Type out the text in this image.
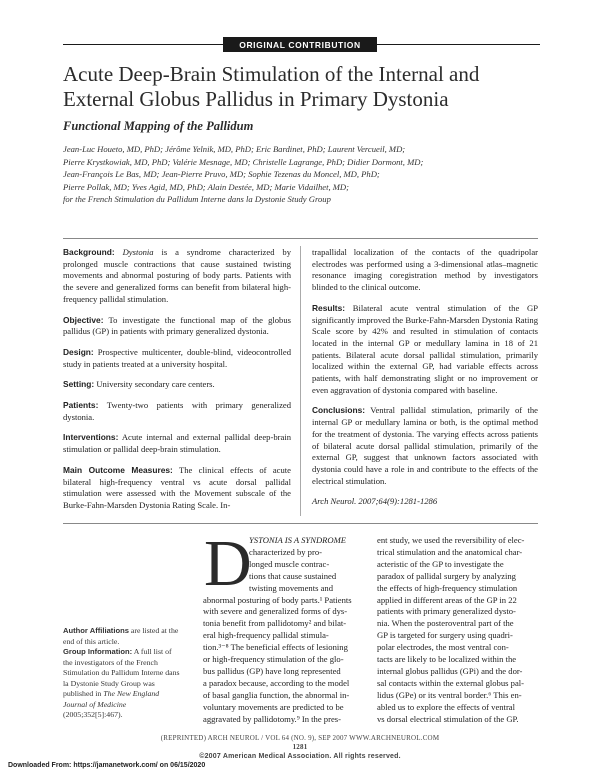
ORIGINAL CONTRIBUTION
Acute Deep-Brain Stimulation of the Internal and External Globus Pallidus in Primary Dystonia
Functional Mapping of the Pallidum
Jean-Luc Houeto, MD, PhD; Jérôme Yelnik, MD, PhD; Eric Bardinet, PhD; Laurent Vercueil, MD;
Pierre Krystkowiak, MD, PhD; Valérie Mesnage, MD; Christelle Lagrange, PhD; Didier Dormont, MD;
Jean-François Le Bas, MD; Jean-Pierre Pruvo, MD; Sophie Tezenas du Moncel, MD, PhD;
Pierre Pollak, MD; Yves Agid, MD, PhD; Alain Destée, MD; Marie Vidailhet, MD;
for the French Stimulation du Pallidum Interne dans la Dystonie Study Group

Background: Dystonia is a syndrome characterized by prolonged muscle contractions that cause sustained twisting movements and abnormal posturing of body parts. Patients with the severe and generalized forms can benefit from bilateral high-frequency pallidal stimulation.

Objective: To investigate the functional map of the globus pallidus (GP) in patients with primary generalized dystonia.

Design: Prospective multicenter, double-blind, videocontrolled study in patients treated at a university hospital.

Setting: University secondary care centers.

Patients: Twenty-two patients with primary generalized dystonia.

Interventions: Acute internal and external pallidal deep-brain stimulation or pallidal deep-brain stimulation.

Main Outcome Measures: The clinical effects of acute bilateral high-frequency ventral vs acute dorsal pallidal stimulation were assessed with the Movement subscale of the Burke-Fahn-Marsden Dystonia Rating Scale. In-

trapallidal localization of the contacts of the quadripolar electrodes was performed using a 3-dimensional atlas–magnetic resonance imaging coregistration method by investigators blinded to the clinical outcome.

Results: Bilateral acute ventral stimulation of the GP significantly improved the Burke-Fahn-Marsden Dystonia Rating Scale score by 42% and resulted in stimulation of contacts located in the internal GP or medullary lamina in 18 of 21 patients. Bilateral acute dorsal pallidal stimulation, primarily localized within the external GP, had variable effects across patients, with half demonstrating slight or no improvement or even aggravation of dystonia compared with baseline.

Conclusions: Ventral pallidal stimulation, primarily of the internal GP or medullary lamina or both, is the optimal method for the treatment of dystonia. The varying effects across patients of bilateral acute dorsal pallidal stimulation, primarily of the external GP, suggest that unknown factors associated with dystonia could have a role in and contribute to the effects of the electrical stimulation.

Arch Neurol. 2007;64(9):1281-1286

D
YSTONIA IS A SYNDROME
characterized by pro-
longed muscle contrac-
tions that cause sustained
twisting movements and
abnormal posturing of body parts.¹ Patients
with severe and generalized forms of dys-
tonia benefit from pallidotomy² and bilat-
eral high-frequency pallidal stimula-
tion.³⁻⁸ The beneficial effects of lesioning
or high-frequency stimulation of the glo-
bus pallidus (GP) have long represented
a paradox because, according to the model
of basal ganglia function, the abnormal in-
voluntary movements are predicted to be
aggravated by pallidotomy.⁹ In the pres-
ent study, we used the reversibility of elec-
trical stimulation and the anatomical char-
acteristic of the GP to investigate the
paradox of pallidal surgery by analyzing
the effects of high-frequency stimulation
applied in different areas of the GP in 22
patients with primary generalized dysto-
nia. When the posteroventral part of the
GP is targeted for surgery using quadri-
polar electrodes, the most ventral con-
tacts are likely to be localized within the
internal globus pallidus (GPi) and the dor-
sal contacts within the external globus pal-
lidus (GPe) or its ventral border.⁶ This en-
abled us to explore the effects of ventral
vs dorsal electrical stimulation of the GP.
Author Affiliations are listed at the end of this article.
Group Information: A full list of the investigators of the French Stimulation du Pallidum Interne dans la Dystonie Study Group was published in The New England Journal of Medicine (2005;352[5]:467).
(REPRINTED) ARCH NEUROL / VOL 64 (NO. 9), SEP 2007 WWW.ARCHNEUROL.COM
1281
©2007 American Medical Association. All rights reserved.
Downloaded From: https://jamanetwork.com/ on 06/15/2020
